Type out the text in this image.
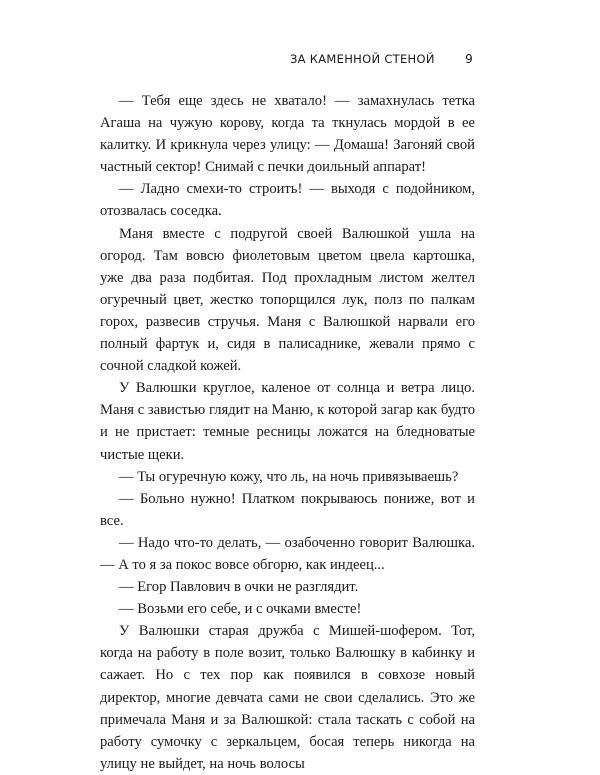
ЗА КАМЕННОЙ СТЕНОЙ	9

— Тебя еще здесь не хватало! — замахнулась тетка Агаша на чужую корову, когда та ткнулась мордой в ее калитку. И крикнула через улицу: — Домаша! Загоняй свой частный сектор! Снимай с печки доильный аппарат!

— Ладно смехи-то строить! — выходя с подойником, отозвалась соседка.

Маня вместе с подругой своей Валюшкой ушла на огород. Там вовсю фиолетовым цветом цвела картошка, уже два раза подбитая. Под прохладным листом желтел огуречный цвет, жестко топорщился лук, полз по палкам горох, развесив стручья. Маня с Валюшкой нарвали его полный фартук и, сидя в палисаднике, жевали прямо с сочной сладкой кожей.

У Валюшки круглое, каленое от солнца и ветра лицо. Маня с завистью глядит на Маню, к которой загар как будто и не пристает: темные ресницы ложатся на бледноватые чистые щеки.

— Ты огуречную кожу, что ль, на ночь привязываешь?

— Больно нужно! Платком покрываюсь пониже, вот и все.

— Надо что-то делать, — озабоченно говорит Валюшка. — А то я за покос вовсе обгорю, как индеец...

— Егор Павлович в очки не разглядит.

— Возьми его себе, и с очками вместе!

У Валюшки старая дружба с Мишей-шофером. Тот, когда на работу в поле возит, только Валюшку в кабинку и сажает. Но с тех пор как появился в совхозе новый директор, многие девчата сами не свои сделались. Это же примечала Маня и за Валюшкой: стала таскать с собой на работу сумочку с зеркальцем, босая теперь никогда на улицу не выйдет, на ночь волосы
